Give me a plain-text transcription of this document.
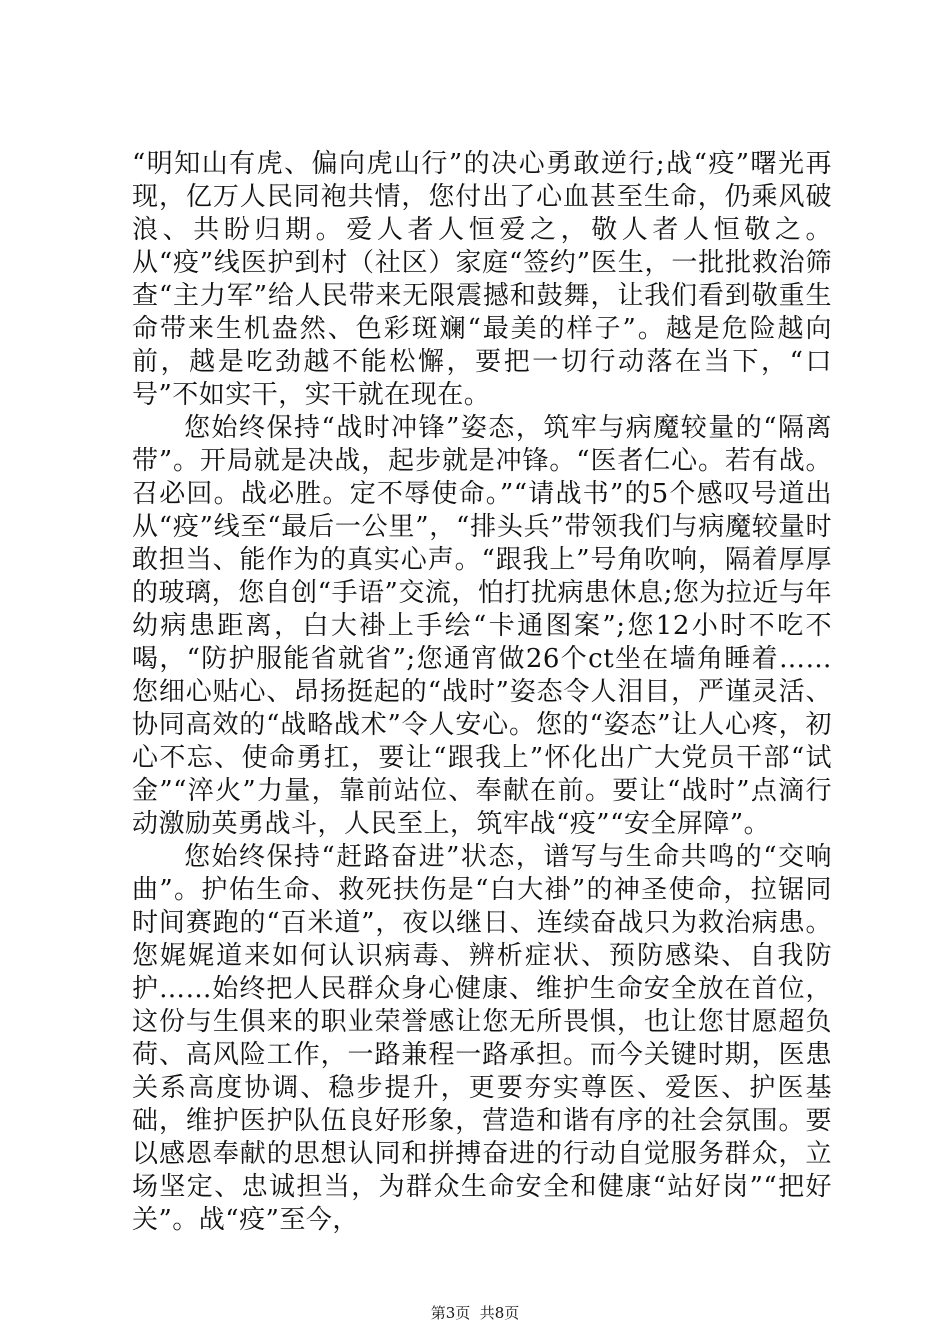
“明知山有虎、偏向虎山行”的决心勇敢逆行;战“疫”曙光再现，亿万人民同袍共情，您付出了心血甚至生命，仍乘风破浪、共盼归期。爱人者人恒爱之，敬人者人恒敬之。从“疫”线医护到村（社区）家庭“签约”医生，一批批救治筛查“主力军”给人民带来无限震撼和鼓舞，让我们看到敬重生命带来生机盎然、色彩斑斓“最美的样子”。越是危险越向前，越是吃劲越不能松懈，要把一切行动落在当下，“口号”不如实干，实干就在现在。

您始终保持“战时冲锋”姿态，筑牢与病魔较量的“隔离带”。开局就是决战，起步就是冲锋。“医者仁心。若有战。召必回。战必胜。定不辱使命。”“请战书”的5个感叹号道出从“疫”线至“最后一公里”，“排头兵”带领我们与病魔较量时敢担当、能作为的真实心声。“跟我上”号角吹响，隔着厚厚的玻璃，您自创“手语”交流，怕打扰病患休息;您为拉近与年幼病患距离，白大褂上手绘“卡通图案”;您12小时不吃不喝，“防护服能省就省”;您通宵做26个ct坐在墙角睡着……您细心贴心、昂扬挺起的“战时”姿态令人泪目，严谨灵活、协同高效的“战略战术”令人安心。您的“姿态”让人心疼，初心不忘、使命勇扛，要让“跟我上”怀化出广大党员干部“试金”“淬火”力量，靠前站位、奉献在前。要让“战时”点滴行动激励英勇战斗，人民至上，筑牢战“疫”“安全屏障”。

您始终保持“赶路奋进”状态，谱写与生命共鸣的“交响曲”。护佑生命、救死扶伤是“白大褂”的神圣使命，拉锯同时间赛跑的“百米道”，夜以继日、连续奋战只为救治病患。您娓娓道来如何认识病毒、辨析症状、预防感染、自我防护……始终把人民群众身心健康、维护生命安全放在首位，这份与生俱来的职业荣誉感让您无所畏惧，也让您甘愿超负荷、高风险工作，一路兼程一路承担。而今关键时期，医患关系高度协调、稳步提升，更要夯实尊医、爱医、护医基础，维护医护队伍良好形象，营造和谐有序的社会氛围。要以感恩奉献的思想认同和拼搏奋进的行动自觉服务群众，立场坚定、忠诚担当，为群众生命安全和健康“站好岗”“把好关”。战“疫”至今，

第3页  共8页
